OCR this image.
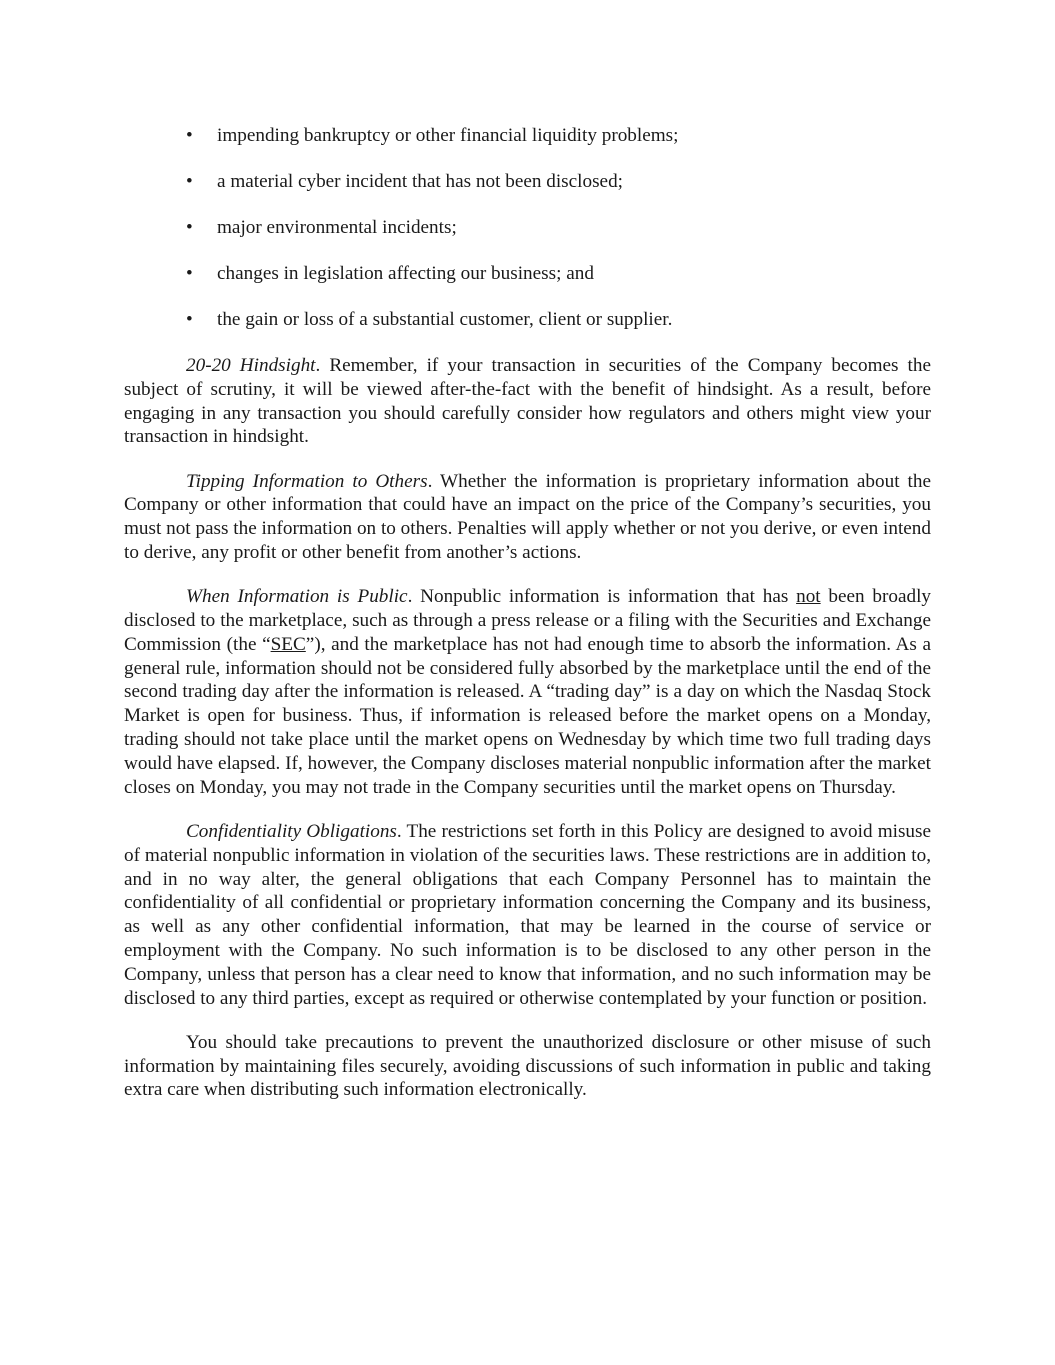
• impending bankruptcy or other financial liquidity problems;
• a material cyber incident that has not been disclosed;
• major environmental incidents;
• changes in legislation affecting our business; and
• the gain or loss of a substantial customer, client or supplier.

20-20 Hindsight. Remember, if your transaction in securities of the Company becomes the subject of scrutiny, it will be viewed after-the-fact with the benefit of hindsight. As a result, before engaging in any transaction you should carefully consider how regulators and others might view your transaction in hindsight.

Tipping Information to Others. Whether the information is proprietary information about the Company or other information that could have an impact on the price of the Company’s securities, you must not pass the information on to others. Penalties will apply whether or not you derive, or even intend to derive, any profit or other benefit from another’s actions.

When Information is Public. Nonpublic information is information that has not been broadly disclosed to the marketplace, such as through a press release or a filing with the Securities and Exchange Commission (the “SEC”), and the marketplace has not had enough time to absorb the information. As a general rule, information should not be considered fully absorbed by the marketplace until the end of the second trading day after the information is released. A “trading day” is a day on which the Nasdaq Stock Market is open for business. Thus, if information is released before the market opens on a Monday, trading should not take place until the market opens on Wednesday by which time two full trading days would have elapsed. If, however, the Company discloses material nonpublic information after the market closes on Monday, you may not trade in the Company securities until the market opens on Thursday.

Confidentiality Obligations. The restrictions set forth in this Policy are designed to avoid misuse of material nonpublic information in violation of the securities laws. These restrictions are in addition to, and in no way alter, the general obligations that each Company Personnel has to maintain the confidentiality of all confidential or proprietary information concerning the Company and its business, as well as any other confidential information, that may be learned in the course of service or employment with the Company. No such information is to be disclosed to any other person in the Company, unless that person has a clear need to know that information, and no such information may be disclosed to any third parties, except as required or otherwise contemplated by your function or position.

You should take precautions to prevent the unauthorized disclosure or other misuse of such information by maintaining files securely, avoiding discussions of such information in public and taking extra care when distributing such information electronically.
